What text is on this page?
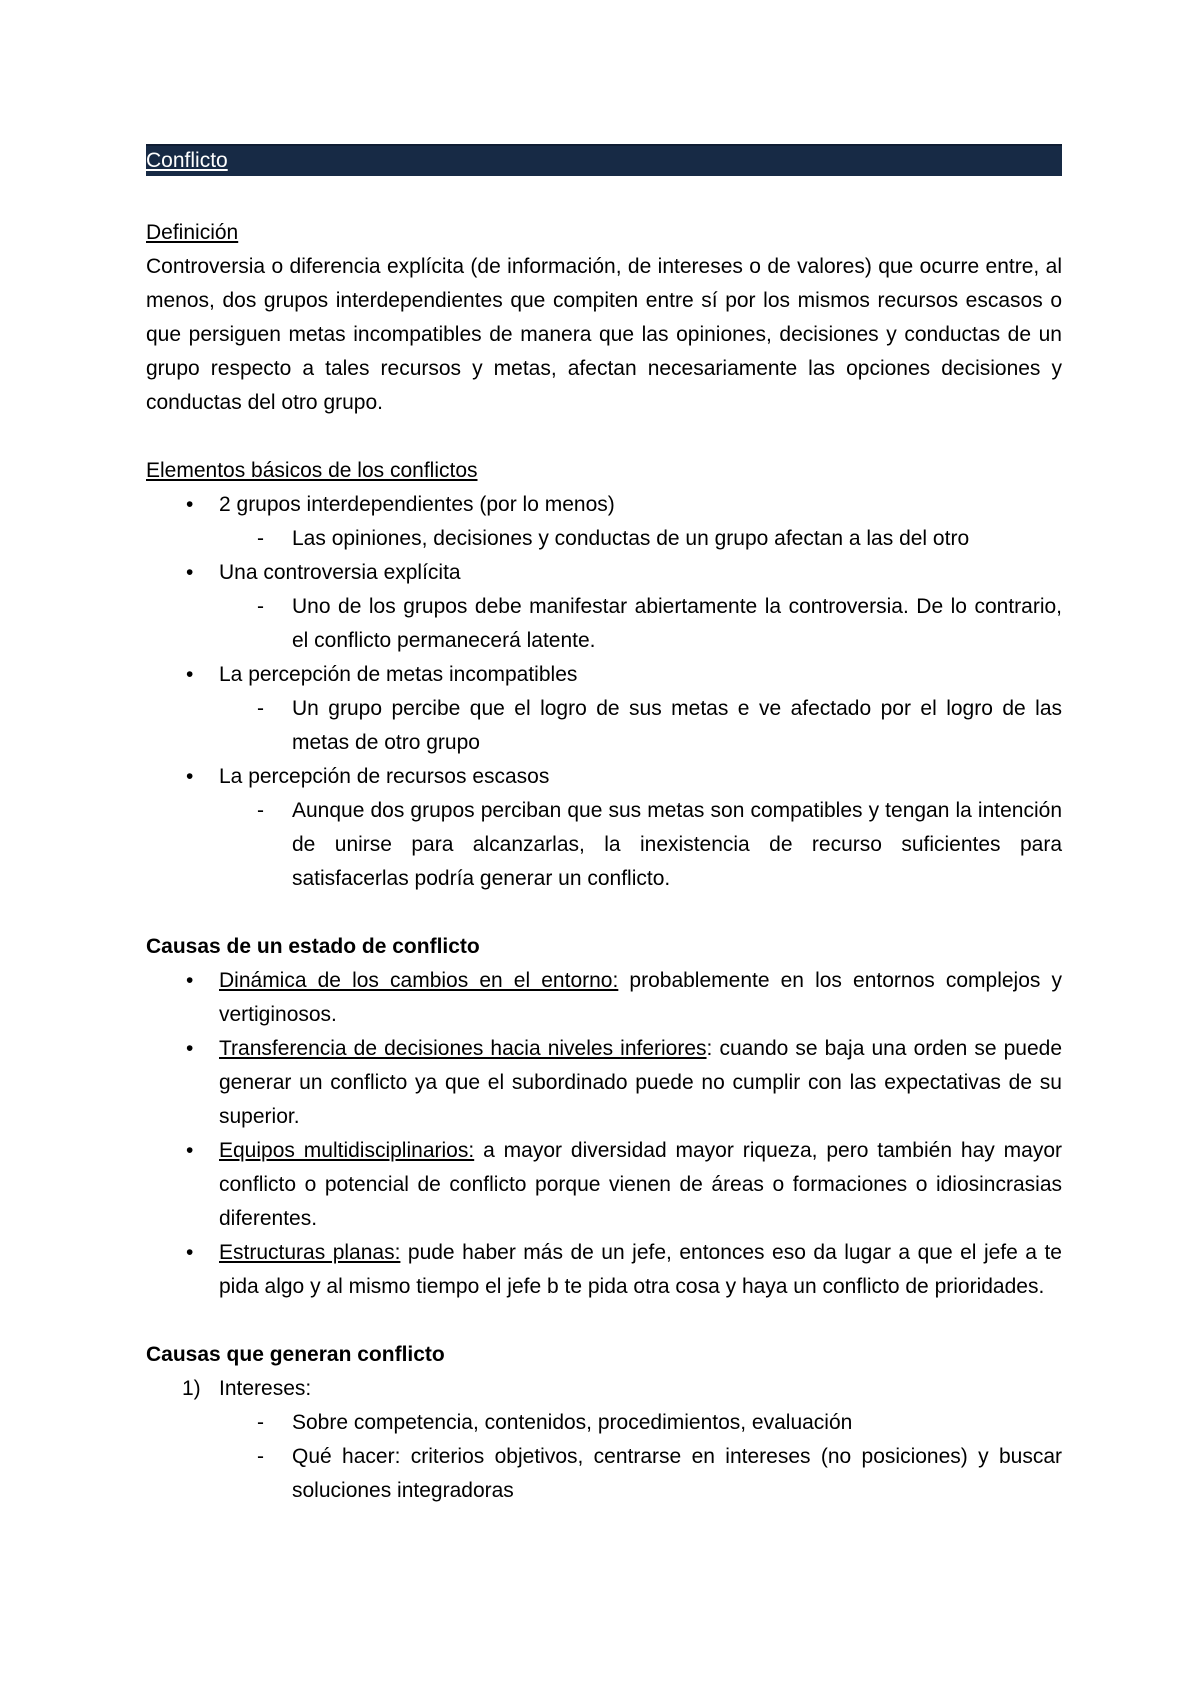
Conflicto

Definición

Controversia o diferencia explícita (de información, de intereses o de valores) que ocurre entre, al menos, dos grupos interdependientes que compiten entre sí por los mismos recursos escasos o que persiguen metas incompatibles de manera que las opiniones, decisiones y conductas de un grupo respecto a tales recursos y metas, afectan necesariamente las opciones decisiones y conductas del otro grupo.

Elementos básicos de los conflictos

• 2 grupos interdependientes (por lo menos)
- Las opiniones, decisiones y conductas de un grupo afectan a las del otro
• Una controversia explícita
- Uno de los grupos debe manifestar abiertamente la controversia. De lo contrario, el conflicto permanecerá latente.
• La percepción de metas incompatibles
- Un grupo percibe que el logro de sus metas e ve afectado por el logro de las metas de otro grupo
• La percepción de recursos escasos
- Aunque dos grupos perciban que sus metas son compatibles y tengan la intención de unirse para alcanzarlas, la inexistencia de recurso suficientes para satisfacerlas podría generar un conflicto.

Causas de un estado de conflicto

• Dinámica de los cambios en el entorno: probablemente en los entornos complejos y vertiginosos.
• Transferencia de decisiones hacia niveles inferiores: cuando se baja una orden se puede generar un conflicto ya que el subordinado puede no cumplir con las expectativas de su superior.
• Equipos multidisciplinarios: a mayor diversidad mayor riqueza, pero también hay mayor conflicto o potencial de conflicto porque vienen de áreas o formaciones o idiosincrasias diferentes.
• Estructuras planas: pude haber más de un jefe, entonces eso da lugar a que el jefe a te pida algo y al mismo tiempo el jefe b te pida otra cosa y haya un conflicto de prioridades.

Causas que generan conflicto

1) Intereses:
- Sobre competencia, contenidos, procedimientos, evaluación
- Qué hacer: criterios objetivos, centrarse en intereses (no posiciones) y buscar soluciones integradoras
